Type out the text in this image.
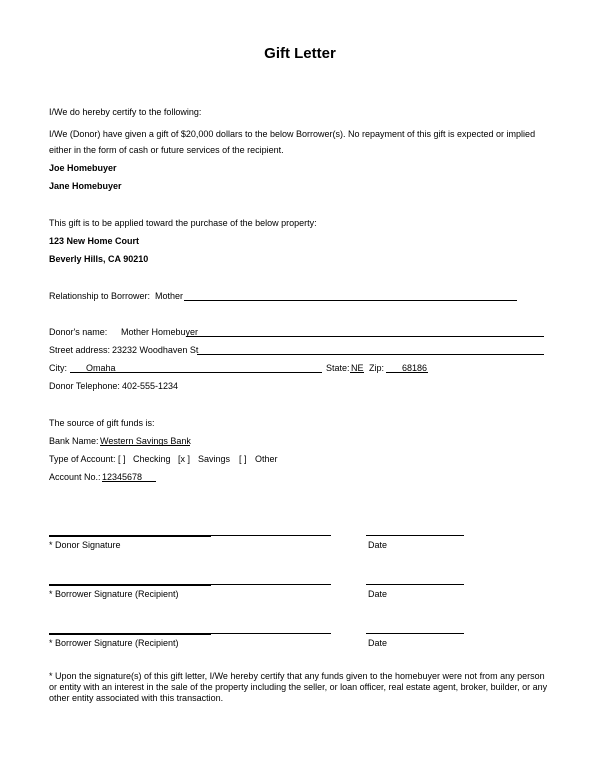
Gift Letter
I/We do hereby certify to the following:
I/We (Donor) have given a gift of $20,000 dollars to the below Borrower(s). No repayment of this gift is expected or implied
either in the form of cash or future services of the recipient.
Joe Homebuyer
Jane Homebuyer
This gift is to be applied toward the purchase of the below property:
123 New Home Court
Beverly Hills, CA 90210
Relationship to Borrower: Mother
Donor's name: Mother Homebuyer
Street address: 23232 Woodhaven St
City: Omaha	State: NE Zip: 68186
Donor Telephone: 402-555-1234
The source of gift funds is:
Bank Name: Western Savings Bank
Type of Account: [ ] Checking [x ] Savings [ ] Other
Account No.: 12345678
* Donor Signature	Date
* Borrower Signature (Recipient)	Date
* Borrower Signature (Recipient)	Date
* Upon the signature(s) of this gift letter, I/We hereby certify that any funds given to the homebuyer were not from any person or entity with an interest in the sale of the property including the seller, or loan officer, real estate agent, broker, builder, or any other entity associated with this transaction.
